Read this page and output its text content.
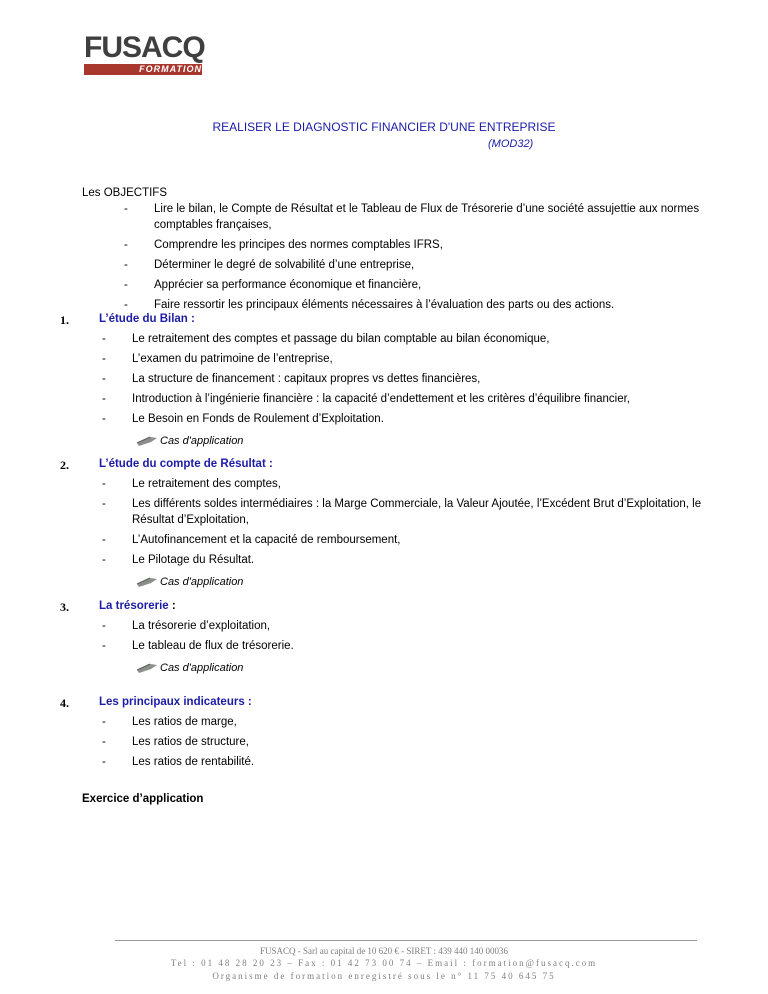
FUSACQ
FORMATION
REALISER LE DIAGNOSTIC FINANCIER D'UNE ENTREPRISE
(MOD32)
Les OBJECTIFS
- Lire le bilan, le Compte de Résultat et le Tableau de Flux de Trésorerie d’une société assujettie aux normes comptables françaises,
- Comprendre les principes des normes comptables IFRS,
- Déterminer le degré de solvabilité d’une entreprise,
- Apprécier sa performance économique et financière,
- Faire ressortir les principaux éléments nécessaires à l’évaluation des parts ou des actions.
1.	L’étude du Bilan :
- Le retraitement des comptes et passage du bilan comptable au bilan économique,
- L’examen du patrimoine de l’entreprise,
- La structure de financement : capitaux propres vs dettes financières,
- Introduction à l’ingénierie financière : la capacité d’endettement et les critères d’équilibre financier,
- Le Besoin en Fonds de Roulement d’Exploitation.
Cas d'application
2.	L’étude du compte de Résultat :
- Le retraitement des comptes,
- Les différents soldes intermédiaires : la Marge Commerciale, la Valeur Ajoutée, l’Excédent Brut d’Exploitation, le Résultat d’Exploitation,
- L’Autofinancement et la capacité de remboursement,
- Le Pilotage du Résultat.
Cas d'application
3.	La trésorerie :
- La trésorerie d’exploitation,
- Le tableau de flux de trésorerie.
Cas d'application
4.	Les principaux indicateurs :
- Les ratios de marge,
- Les ratios de structure,
- Les ratios de rentabilité.
Exercice d’application
FUSACQ - Sarl au capital de 10 620 € - SIRET : 439 440 140 00036
Tel : 01 48 28 20 23 – Fax : 01 42 73 00 74 – Email : formation@fusacq.com
Organisme de formation enregistré sous le n° 11 75 40 645 75
